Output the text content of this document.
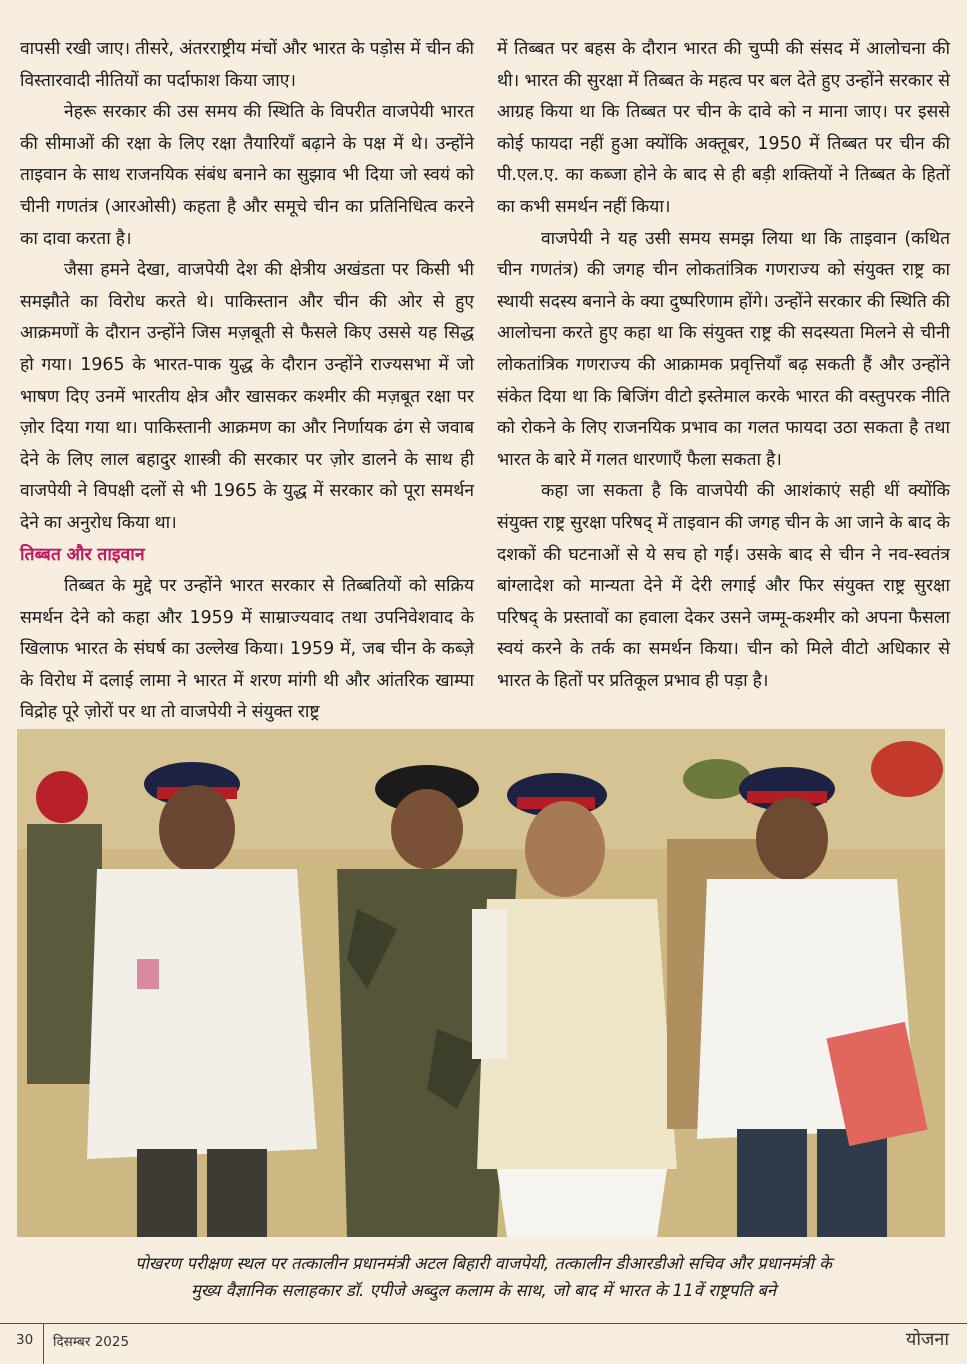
वापसी रखी जाए। तीसरे, अंतरराष्ट्रीय मंचों और भारत के पड़ोस में चीन की विस्तारवादी नीतियों का पर्दाफाश किया जाए।

नेहरू सरकार की उस समय की स्थिति के विपरीत वाजपेयी भारत की सीमाओं की रक्षा के लिए रक्षा तैयारियाँ बढ़ाने के पक्ष में थे। उन्होंने ताइवान के साथ राजनयिक संबंध बनाने का सुझाव भी दिया जो स्वयं को चीनी गणतंत्र (आरओसी) कहता है और समूचे चीन का प्रतिनिधित्व करने का दावा करता है।

जैसा हमने देखा, वाजपेयी देश की क्षेत्रीय अखंडता पर किसी भी समझौते का विरोध करते थे। पाकिस्तान और चीन की ओर से हुए आक्रमणों के दौरान उन्होंने जिस मज़बूती से फैसले किए उससे यह सिद्ध हो गया। 1965 के भारत-पाक युद्ध के दौरान उन्होंने राज्यसभा में जो भाषण दिए उनमें भारतीय क्षेत्र और खासकर कश्मीर की मज़बूत रक्षा पर ज़ोर दिया गया था। पाकिस्तानी आक्रमण का और निर्णायक ढंग से जवाब देने के लिए लाल बहादुर शास्त्री की सरकार पर ज़ोर डालने के साथ ही वाजपेयी ने विपक्षी दलों से भी 1965 के युद्ध में सरकार को पूरा समर्थन देने का अनुरोध किया था।

तिब्बत और ताइवान

तिब्बत के मुद्दे पर उन्होंने भारत सरकार से तिब्बतियों को सक्रिय समर्थन देने को कहा और 1959 में साम्राज्यवाद तथा उपनिवेशवाद के खिलाफ भारत के संघर्ष का उल्लेख किया। 1959 में, जब चीन के कब्ज़े के विरोध में दलाई लामा ने भारत में शरण मांगी थी और आंतरिक खाम्पा विद्रोह पूरे ज़ोरों पर था तो वाजपेयी ने संयुक्त राष्ट्र

में तिब्बत पर बहस के दौरान भारत की चुप्पी की संसद में आलोचना की थी। भारत की सुरक्षा में तिब्बत के महत्व पर बल देते हुए उन्होंने सरकार से आग्रह किया था कि तिब्बत पर चीन के दावे को न माना जाए। पर इससे कोई फायदा नहीं हुआ क्योंकि अक्तूबर, 1950 में तिब्बत पर चीन की पी.एल.ए. का कब्जा होने के बाद से ही बड़ी शक्तियों ने तिब्बत के हितों का कभी समर्थन नहीं किया।

वाजपेयी ने यह उसी समय समझ लिया था कि ताइवान (कथित चीन गणतंत्र) की जगह चीन लोकतांत्रिक गणराज्य को संयुक्त राष्ट्र का स्थायी सदस्य बनाने के क्या दुष्परिणाम होंगे। उन्होंने सरकार की स्थिति की आलोचना करते हुए कहा था कि संयुक्त राष्ट्र की सदस्यता मिलने से चीनी लोकतांत्रिक गणराज्य की आक्रामक प्रवृत्तियाँ बढ़ सकती हैं और उन्होंने संकेत दिया था कि बिजिंग वीटो इस्तेमाल करके भारत की वस्तुपरक नीति को रोकने के लिए राजनयिक प्रभाव का गलत फायदा उठा सकता है तथा भारत के बारे में गलत धारणाएँ फैला सकता है।

कहा जा सकता है कि वाजपेयी की आशंकाएं सही थीं क्योंकि संयुक्त राष्ट्र सुरक्षा परिषद् में ताइवान की जगह चीन के आ जाने के बाद के दशकों की घटनाओं से ये सच हो गईं। उसके बाद से चीन ने नव-स्वतंत्र बांग्लादेश को मान्यता देने में देरी लगाई और फिर संयुक्त राष्ट्र सुरक्षा परिषद् के प्रस्तावों का हवाला देकर उसने जम्मू-कश्मीर को अपना फैसला स्वयं करने के तर्क का समर्थन किया। चीन को मिले वीटो अधिकार से भारत के हितों पर प्रतिकूल प्रभाव ही पड़ा है।

पोखरण परीक्षण स्थल पर तत्कालीन प्रधानमंत्री अटल बिहारी वाजपेयी, तत्कालीन डीआरडीओ सचिव और प्रधानमंत्री के
मुख्य वैज्ञानिक सलाहकार डॉ. एपीजे अब्दुल कलाम के साथ, जो बाद में भारत के 11वें राष्ट्रपति बने
30 दिसम्बर 2025	योजना
